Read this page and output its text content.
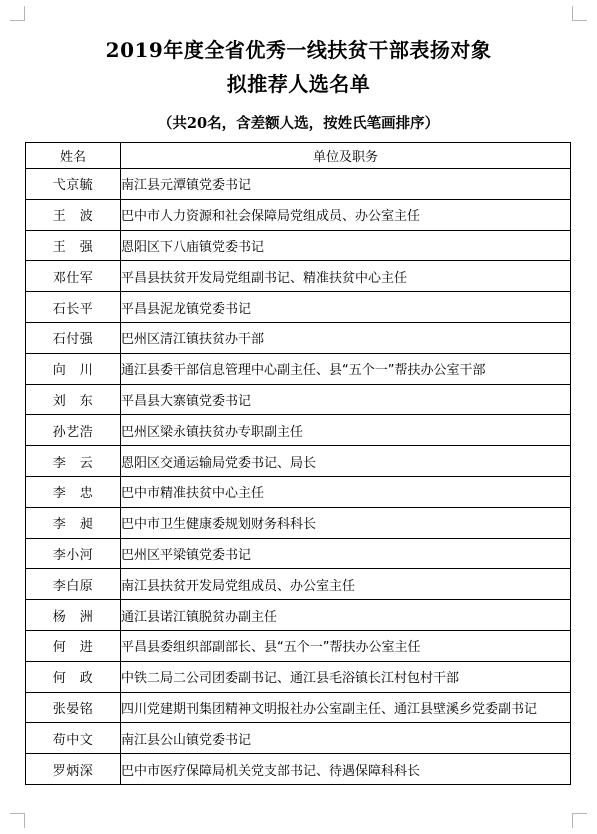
2019年度全省优秀一线扶贫干部表扬对象
拟推荐人选名单
（共20名，含差额人选，按姓氏笔画排序）
姓名	单位及职务
弋京毓	南江县元潭镇党委书记
王　波	巴中市人力资源和社会保障局党组成员、办公室主任
王　强	恩阳区下八庙镇党委书记
邓仕军	平昌县扶贫开发局党组副书记、精准扶贫中心主任
石长平	平昌县泥龙镇党委书记
石付强	巴州区清江镇扶贫办干部
向　川	通江县委干部信息管理中心副主任、县“五个一”帮扶办公室干部
刘　东	平昌县大寨镇党委书记
孙艺浩	巴州区梁永镇扶贫办专职副主任
李　云	恩阳区交通运输局党委书记、局长
李　忠	巴中市精准扶贫中心主任
李　昶	巴中市卫生健康委规划财务科科长
李小河	巴州区平梁镇党委书记
李白原	南江县扶贫开发局党组成员、办公室主任
杨　洲	通江县诺江镇脱贫办副主任
何　进	平昌县委组织部副部长、县“五个一”帮扶办公室主任
何　政	中铁二局二公司团委副书记、通江县毛浴镇长江村包村干部
张晏铭	四川党建期刊集团精神文明报社办公室副主任、通江县壁溪乡党委副书记
苟中文	南江县公山镇党委书记
罗炳深	巴中市医疗保障局机关党支部书记、待遇保障科科长
